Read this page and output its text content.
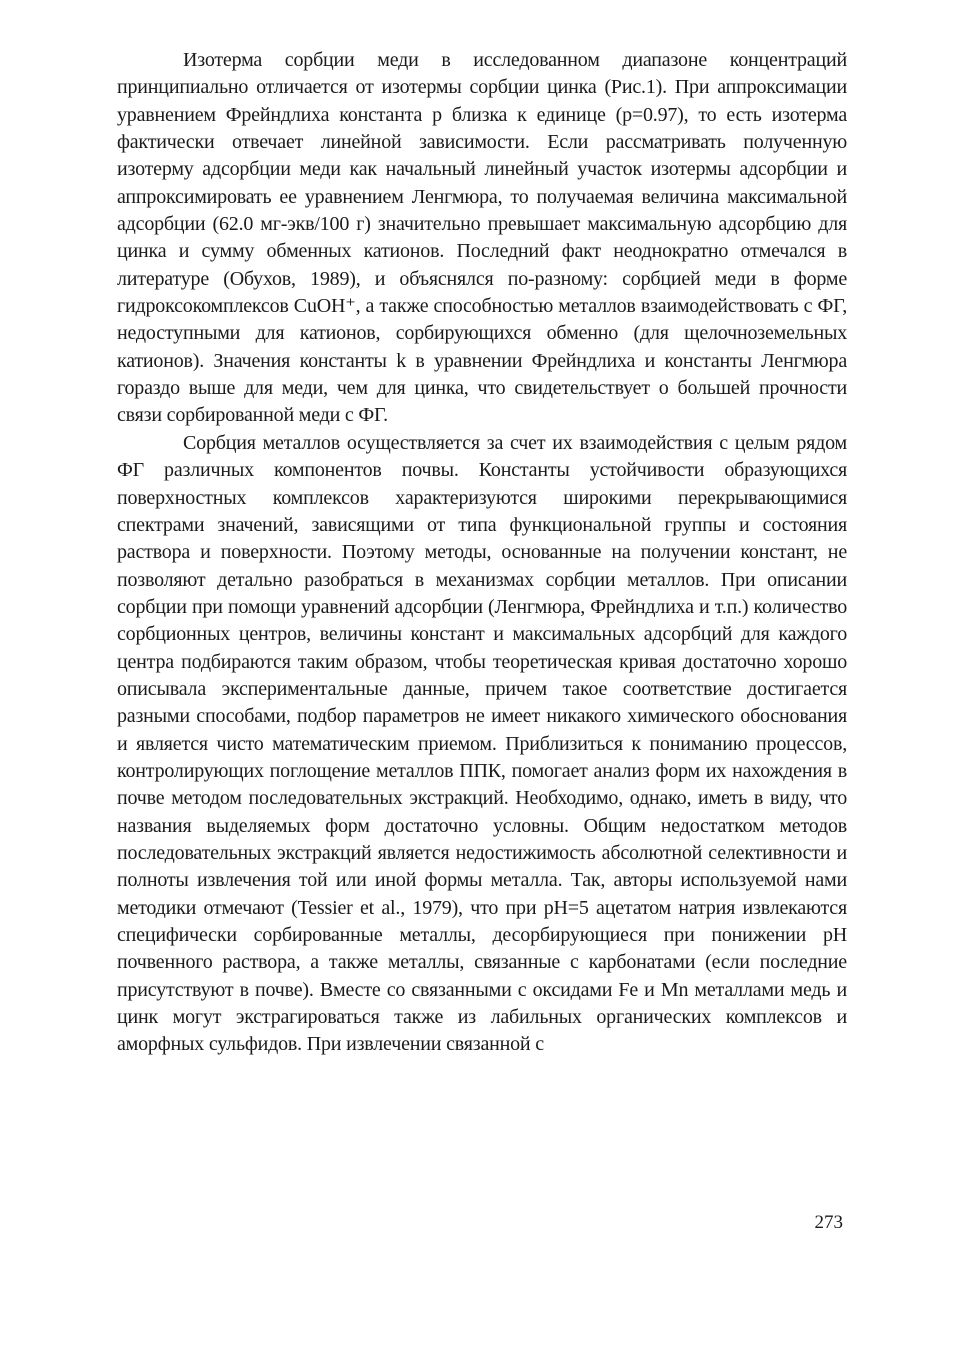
Изотерма сорбции меди в исследованном диапазоне концентраций принципиально отличается от изотермы сорбции цинка (Рис.1). При аппроксимации уравнением Фрейндлиха константа p близка к единице (p=0.97), то есть изотерма фактически отвечает линейной зависимости. Если рассматривать полученную изотерму адсорбции меди как начальный линейный участок изотермы адсорбции и аппроксимировать ее уравнением Ленгмюра, то получаемая величина максимальной адсорбции (62.0 мг-экв/100 г) значительно превышает максимальную адсорбцию для цинка и сумму обменных катионов. Последний факт неоднократно отмечался в литературе (Обухов, 1989), и объяснялся по-разному: сорбцией меди в форме гидроксокомплексов CuOH⁺, а также способностью металлов взаимодействовать с ФГ, недоступными для катионов, сорбирующихся обменно (для щелочноземельных катионов). Значения константы k в уравнении Фрейндлиха и константы Ленгмюра гораздо выше для меди, чем для цинка, что свидетельствует о большей прочности связи сорбированной меди с ФГ.

Сорбция металлов осуществляется за счет их взаимодействия с целым рядом ФГ различных компонентов почвы. Константы устойчивости образующихся поверхностных комплексов характеризуются широкими перекрывающимися спектрами значений, зависящими от типа функциональной группы и состояния раствора и поверхности. Поэтому методы, основанные на получении констант, не позволяют детально разобраться в механизмах сорбции металлов. При описании сорбции при помощи уравнений адсорбции (Ленгмюра, Фрейндлиха и т.п.) количество сорбционных центров, величины констант и максимальных адсорбций для каждого центра подбираются таким образом, чтобы теоретическая кривая достаточно хорошо описывала экспериментальные данные, причем такое соответствие достигается разными способами, подбор параметров не имеет никакого химического обоснования и является чисто математическим приемом. Приблизиться к пониманию процессов, контролирующих поглощение металлов ППК, помогает анализ форм их нахождения в почве методом последовательных экстракций. Необходимо, однако, иметь в виду, что названия выделяемых форм достаточно условны. Общим недостатком методов последовательных экстракций является недостижимость абсолютной селективности и полноты извлечения той или иной формы металла. Так, авторы используемой нами методики отмечают (Tessier et al., 1979), что при pH=5 ацетатом натрия извлекаются специфически сорбированные металлы, десорбирующиеся при понижении pH почвенного раствора, а также металлы, связанные с карбонатами (если последние присутствуют в почве). Вместе со связанными с оксидами Fe и Mn металлами медь и цинк могут экстрагироваться также из лабильных органических комплексов и аморфных сульфидов. При извлечении связанной с

273
